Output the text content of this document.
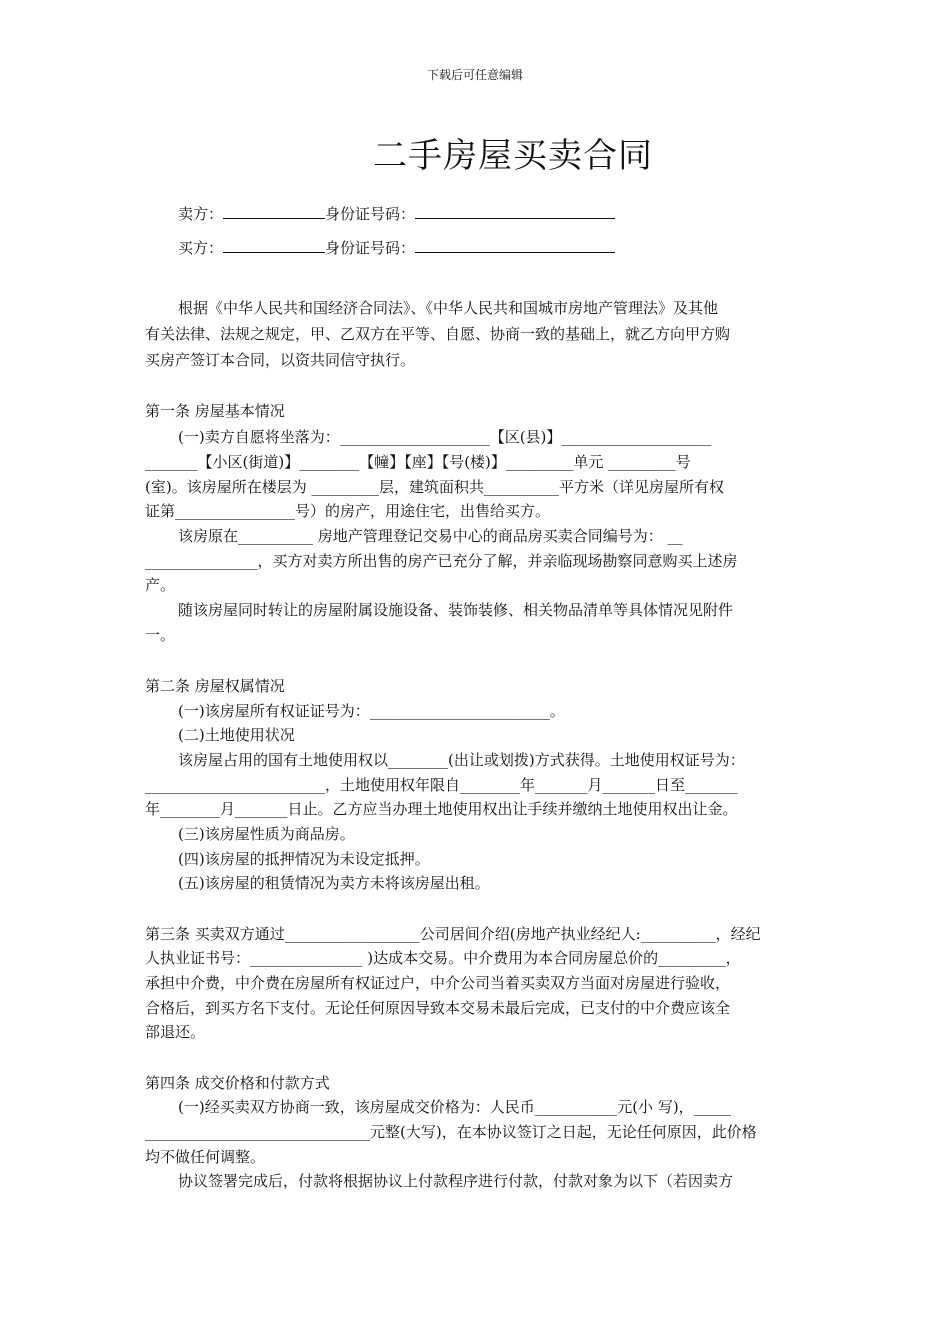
下载后可任意编辑
二手房屋买卖合同
卖方：	身份证号码：
买方：	身份证号码：
根据《中华人民共和国经济合同法》、《中华人民共和国城市房地产管理法》及其他
有关法律、法规之规定，甲、乙双方在平等、自愿、协商一致的基础上，就乙方向甲方购
买房产签订本合同，以资共同信守执行。
第一条 房屋基本情况
(一)卖方自愿将坐落为：____________________【区(县)】____________________
_______【小区(街道)】________【幢】【座】【号(楼)】_________单元 _________号
(室)。该房屋所在楼层为 _________层，建筑面积共__________平方米（详见房屋所有权
证第________________号）的房产，用途住宅，出售给买方。
该房原在__________ 房地产管理登记交易中心的商品房买卖合同编号为： __
_______________，买方对卖方所出售的房产已充分了解，并亲临现场勘察同意购买上述房
产。
随该房屋同时转让的房屋附属设施设备、装饰装修、相关物品清单等具体情况见附件
一。
第二条 房屋权属情况
(一)该房屋所有权证证号为：________________________。
(二)土地使用状况
该房屋占用的国有土地使用权以________(出让或划拨)方式获得。土地使用权证号为：
________________________，土地使用权年限自________年_______月_______日至_______
年________月_______日止。乙方应当办理土地使用权出让手续并缴纳土地使用权出让金。
(三)该房屋性质为商品房。
(四)该房屋的抵押情况为未设定抵押。
(五)该房屋的租赁情况为卖方未将该房屋出租。
第三条 买卖双方通过__________________公司居间介绍(房地产执业经纪人:__________，经纪
人执业证书号：_______________ )达成本交易。中介费用为本合同房屋总价的_________，
承担中介费，中介费在房屋所有权证过户，中介公司当着买卖双方当面对房屋进行验收，
合格后，到买方名下支付。无论任何原因导致本交易未最后完成，已支付的中介费应该全
部退还。
第四条 成交价格和付款方式
(一)经买卖双方协商一致，该房屋成交价格为：人民币___________元(小 写)，_____
______________________________元整(大写)，在本协议签订之日起，无论任何原因，此价格
均不做任何调整。
协议签署完成后，付款将根据协议上付款程序进行付款，付款对象为以下（若因卖方
